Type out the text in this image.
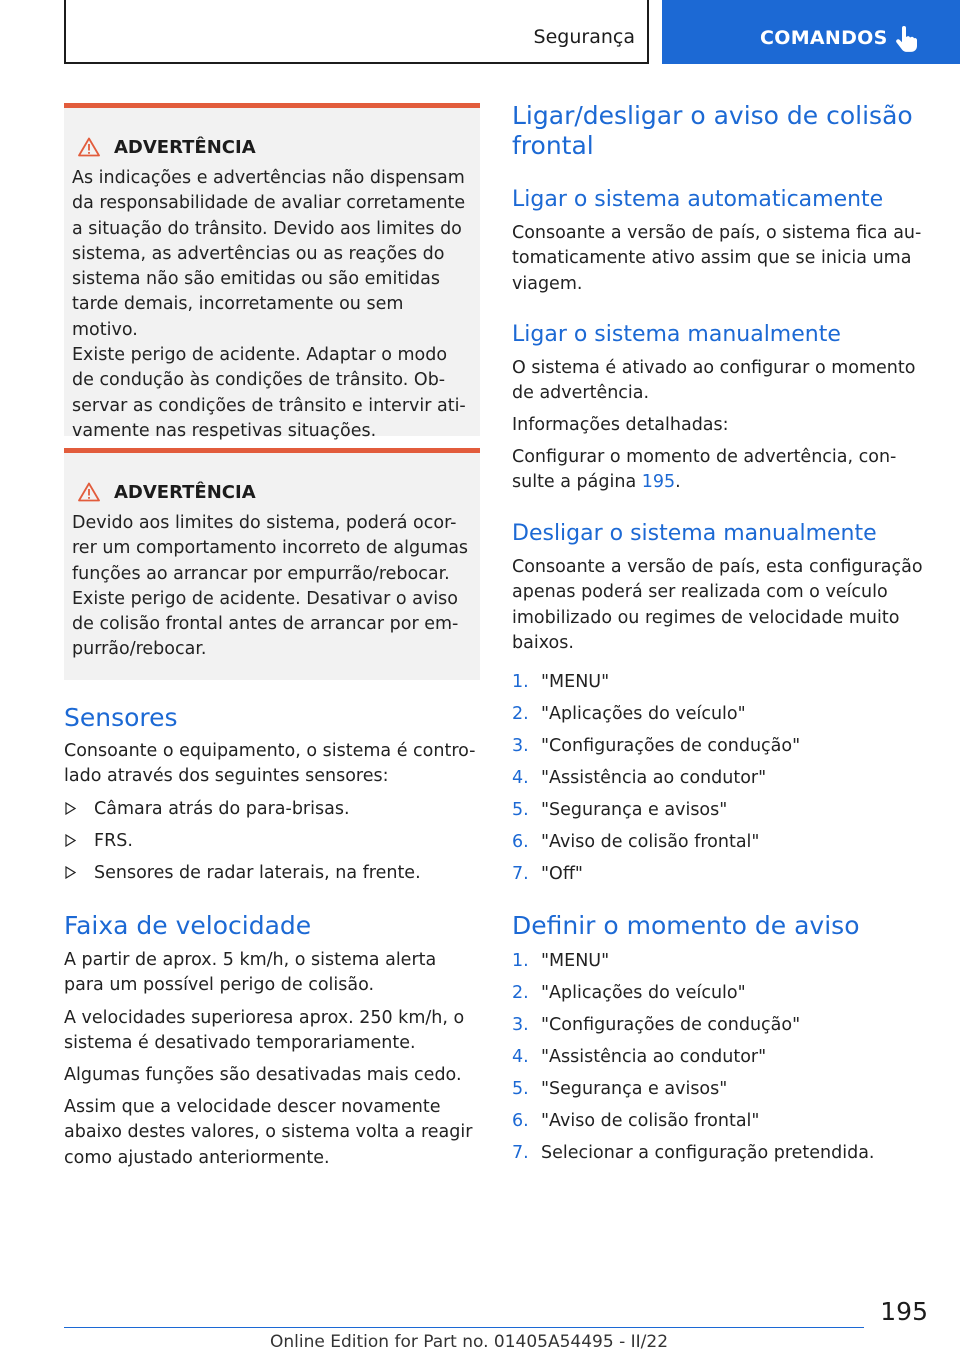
Segurança	COMANDOS
ADVERTÊNCIA
As indicações e advertências não dispensam
da responsabilidade de avaliar corretamente
a situação do trânsito. Devido aos limites do
sistema, as advertências ou as reações do
sistema não são emitidas ou são emitidas
tarde demais, incorretamente ou sem motivo.
Existe perigo de acidente. Adaptar o modo
de condução às condições de trânsito. Ob-
servar as condições de trânsito e intervir ati-
vamente nas respetivas situações.
ADVERTÊNCIA
Devido aos limites do sistema, poderá ocor-
rer um comportamento incorreto de algumas
funções ao arrancar por empurrão/rebocar.
Existe perigo de acidente. Desativar o aviso
de colisão frontal antes de arrancar por em-
purrão/rebocar.
Sensores
Consoante o equipamento, o sistema é contro-
lado através dos seguintes sensores:
Câmara atrás do para-brisas.
FRS.
Sensores de radar laterais, na frente.
Faixa de velocidade
A partir de aprox. 5 km/h, o sistema alerta
para um possível perigo de colisão.
A velocidades superioresa aprox. 250 km/h, o
sistema é desativado temporariamente.
Algumas funções são desativadas mais cedo.
Assim que a velocidade descer novamente
abaixo destes valores, o sistema volta a reagir
como ajustado anteriormente.
Ligar/desligar o aviso de colisão
frontal
Ligar o sistema automaticamente
Consoante a versão de país, o sistema fica au-
tomaticamente ativo assim que se inicia uma
viagem.
Ligar o sistema manualmente
O sistema é ativado ao configurar o momento
de advertência.
Informações detalhadas:
Configurar o momento de advertência, con-
sulte a página 195.
Desligar o sistema manualmente
Consoante a versão de país, esta configuração
apenas poderá ser realizada com o veículo
imobilizado ou regimes de velocidade muito
baixos.
1. "MENU"
2. "Aplicações do veículo"
3. "Configurações de condução"
4. "Assistência ao condutor"
5. "Segurança e avisos"
6. "Aviso de colisão frontal"
7. "Off"
Definir o momento de aviso
1. "MENU"
2. "Aplicações do veículo"
3. "Configurações de condução"
4. "Assistência ao condutor"
5. "Segurança e avisos"
6. "Aviso de colisão frontal"
7. Selecionar a configuração pretendida.
195
Online Edition for Part no. 01405A54495 - II/22
